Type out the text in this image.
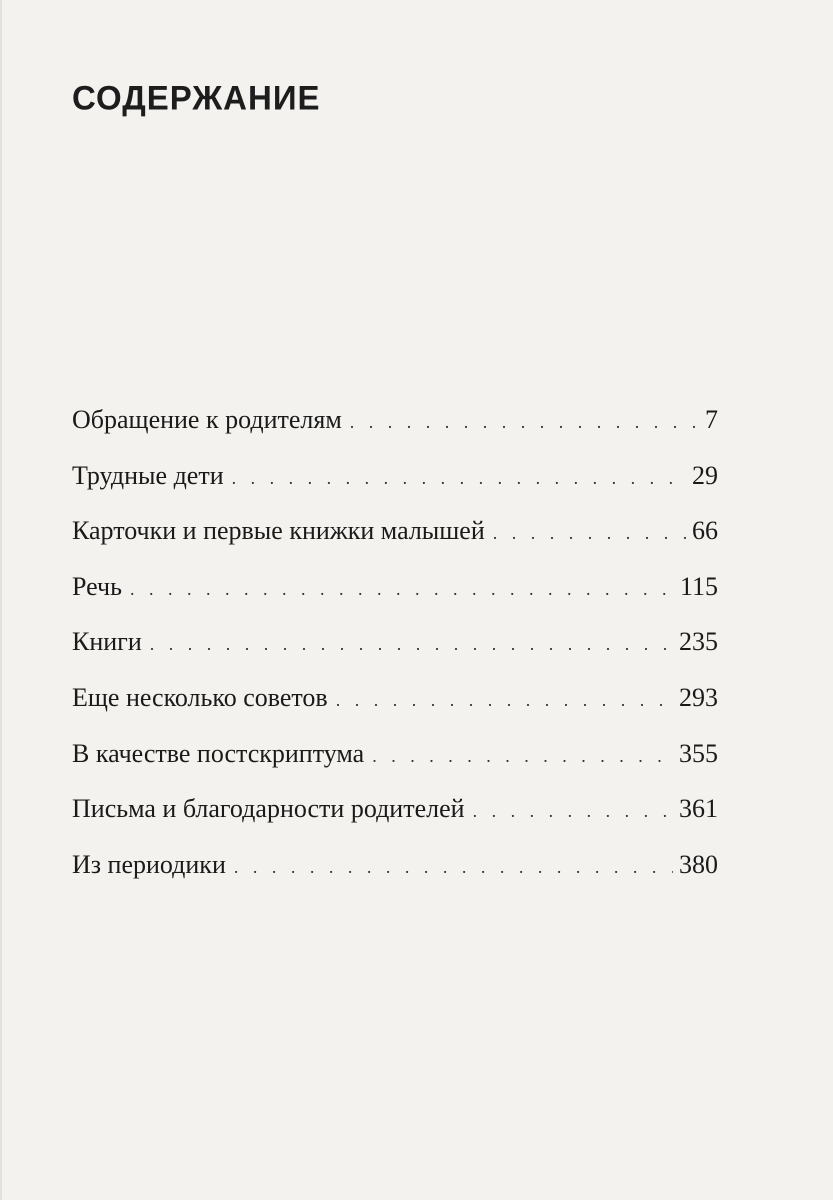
СОДЕРЖАНИЕ
Обращение к родителям . . .	7
Трудные дети . . .	29
Карточки и первые книжки малышей . . .	66
Речь . . .	115
Книги . . .	235
Еще несколько советов . . .	293
В качестве постскриптума . . .	355
Письма и благодарности родителей . . .	361
Из периодики . . .	380
